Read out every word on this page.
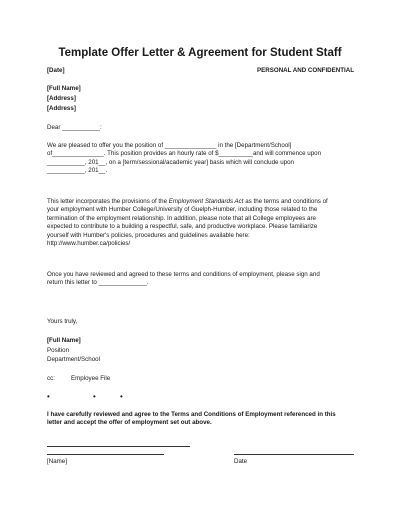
Template Offer Letter & Agreement for Student Staff
[Date]	PERSONAL AND CONFIDENTIAL
[Full Name]
[Address]
[Address]
Dear ___________:
We are pleased to offer you the position of _______________ in the [Department/School]
of_______________. This position provides an hourly rate of $__________and will commence upon
___________, 201__, on a [term/sessional/academic year] basis which will conclude upon
___________, 201__.
This letter incorporates the provisions of the Employment Standards Act as the terms and conditions of
your employment with Humber College/University of Guelph-Humber, including those related to the
termination of the employment relationship. In addition, please note that all College employees are
expected to contribute to a building a respectful, safe, and productive workplace. Please familiarize
yourself with Humber's policies, procedures and guidelines available here:
http://www.humber.ca/policies/
Once you have reviewed and agreed to these terms and conditions of employment, please sign and
return this letter to ______________.
Yours truly,
[Full Name]
Position
Department/School
cc:	Employee File
•	•	•
I have carefully reviewed and agree to the Terms and Conditions of Employment referenced in this
letter and accept the offer of employment set out above.
[Name]	Date
